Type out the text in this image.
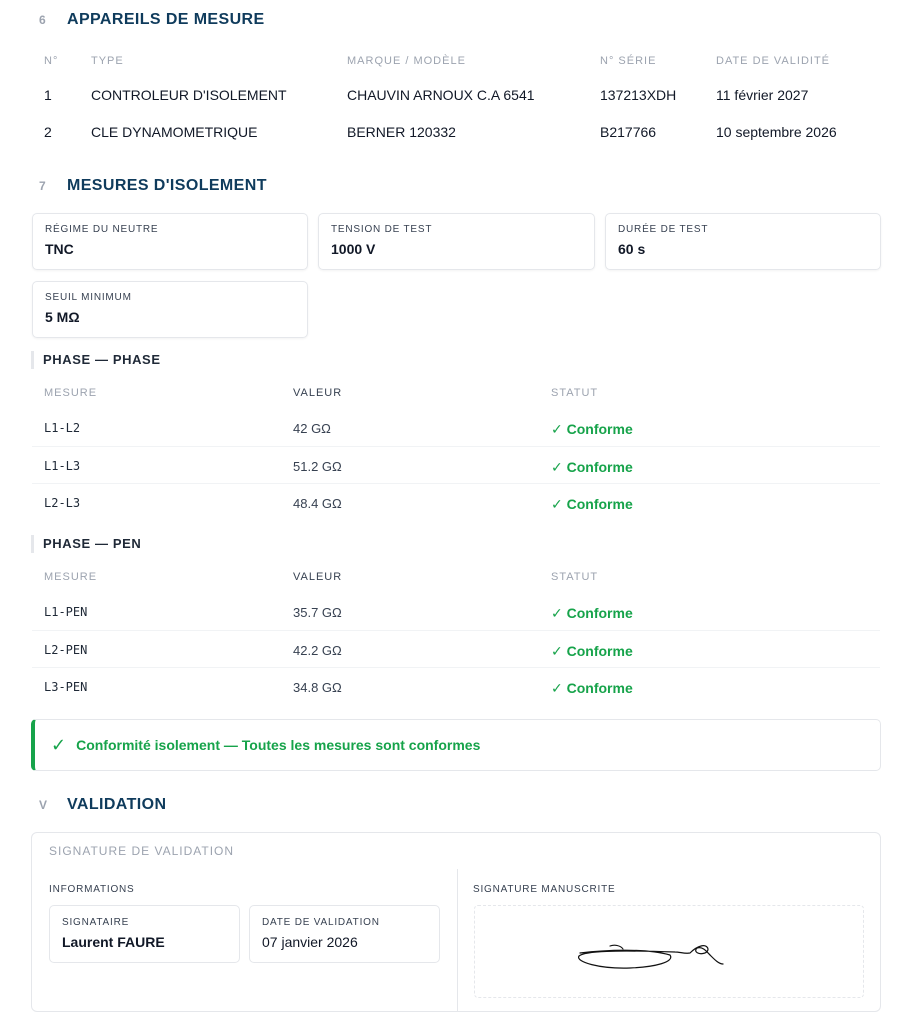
6	APPAREILS DE MESURE
N°	TYPE	MARQUE / MODÈLE	N° SÉRIE	DATE DE VALIDITÉ
1	CONTROLEUR D'ISOLEMENT	CHAUVIN ARNOUX C.A 6541	137213XDH	11 février 2027
2	CLE DYNAMOMETRIQUE	BERNER 120332	B217766	10 septembre 2026
7	MESURES D'ISOLEMENT
RÉGIME DU NEUTRE
TNC
TENSION DE TEST
1000 V
DURÉE DE TEST
60 s
SEUIL MINIMUM
5 MΩ
PHASE — PHASE
MESURE	VALEUR	STATUT
L1-L2	42 GΩ	✓ Conforme
L1-L3	51.2 GΩ	✓ Conforme
L2-L3	48.4 GΩ	✓ Conforme
PHASE — PEN
MESURE	VALEUR	STATUT
L1-PEN	35.7 GΩ	✓ Conforme
L2-PEN	42.2 GΩ	✓ Conforme
L3-PEN	34.8 GΩ	✓ Conforme
✓ Conformité isolement — Toutes les mesures sont conformes
V	VALIDATION
SIGNATURE DE VALIDATION
INFORMATIONS	SIGNATURE MANUSCRITE
SIGNATAIRE
Laurent FAURE
DATE DE VALIDATION
07 janvier 2026
